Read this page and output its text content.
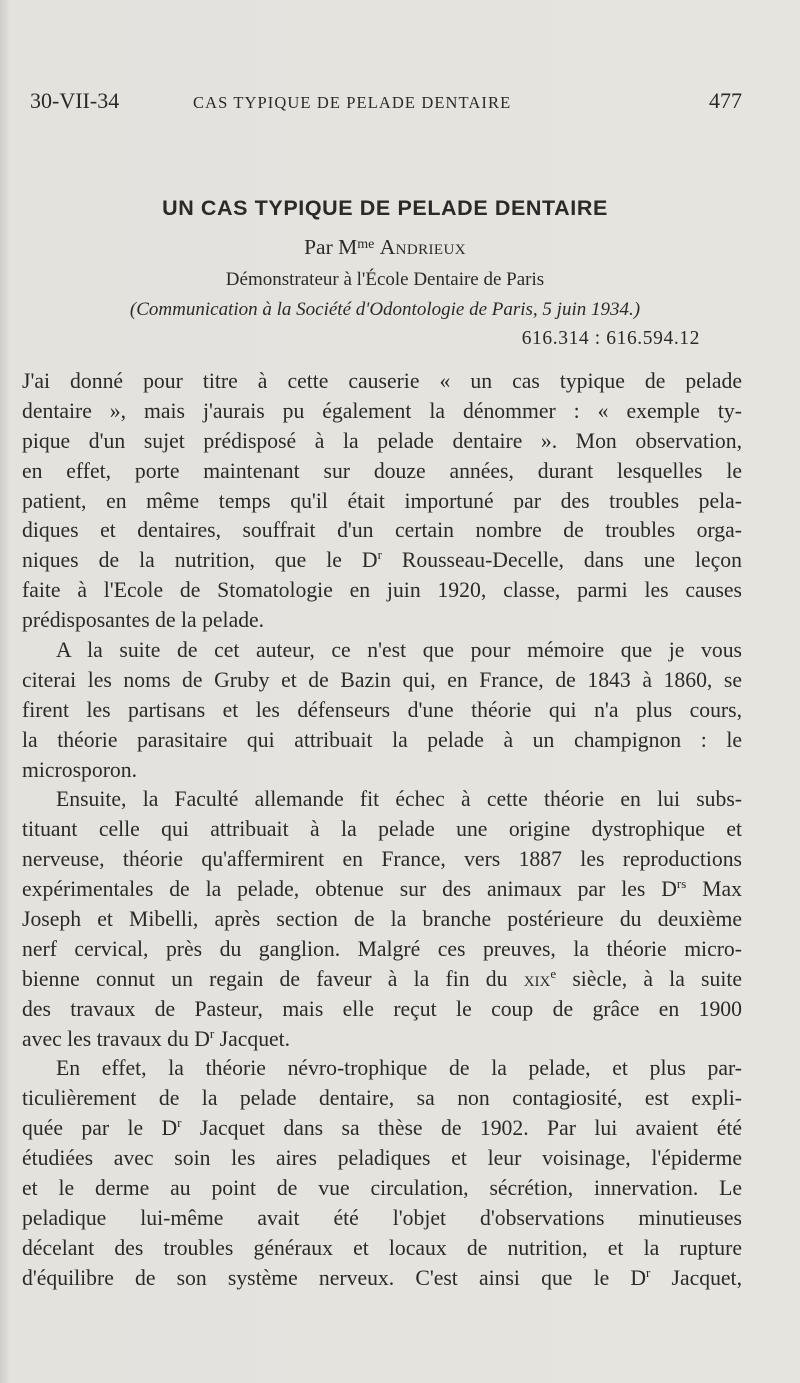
30-VII-34	CAS TYPIQUE DE PELADE DENTAIRE	477
UN CAS TYPIQUE DE PELADE DENTAIRE
Par $M^{me}$ Andrieux
Démonstrateur à l'École Dentaire de Paris
(Communication à la Société d'Odontologie de Paris, 5 juin 1934.)
616.314 : 616.594.12
J'ai donné pour titre à cette causerie « un cas typique de pelade
dentaire », mais j'aurais pu également la dénommer : « exemple ty-
pique d'un sujet prédisposé à la pelade dentaire ». Mon observation,
en effet, porte maintenant sur douze années, durant lesquelles le
patient, en même temps qu'il était importuné par des troubles pela-
diques et dentaires, souffrait d'un certain nombre de troubles orga-
niques de la nutrition, que le $D^r$ Rousseau-Decelle, dans une leçon
faite à l'Ecole de Stomatologie en juin 1920, classe, parmi les causes
prédisposantes de la pelade.
A la suite de cet auteur, ce n'est que pour mémoire que je vous
citerai les noms de Gruby et de Bazin qui, en France, de 1843 à 1860, se
firent les partisans et les défenseurs d'une théorie qui n'a plus cours,
la théorie parasitaire qui attribuait la pelade à un champignon : le
microsporon.
Ensuite, la Faculté allemande fit échec à cette théorie en lui subs-
tituant celle qui attribuait à la pelade une origine dystrophique et
nerveuse, théorie qu'affermirent en France, vers 1887 les reproductions
expérimentales de la pelade, obtenue sur des animaux par les $D^{rs}$ Max
Joseph et Mibelli, après section de la branche postérieure du deuxième
nerf cervical, près du ganglion. Malgré ces preuves, la théorie micro-
bienne connut un regain de faveur à la fin du xix$^e$ siècle, à la suite
des travaux de Pasteur, mais elle reçut le coup de grâce en 1900
avec les travaux du $D^r$ Jacquet.
En effet, la théorie névro-trophique de la pelade, et plus par-
ticulièrement de la pelade dentaire, sa non contagiosité, est expli-
quée par le $D^r$ Jacquet dans sa thèse de 1902. Par lui avaient été
étudiées avec soin les aires peladiques et leur voisinage, l'épiderme
et le derme au point de vue circulation, sécrétion, innervation. Le
peladique lui-même avait été l'objet d'observations minutieuses
décelant des troubles généraux et locaux de nutrition, et la rupture
d'équilibre de son système nerveux. C'est ainsi que le $D^r$ Jacquet,
